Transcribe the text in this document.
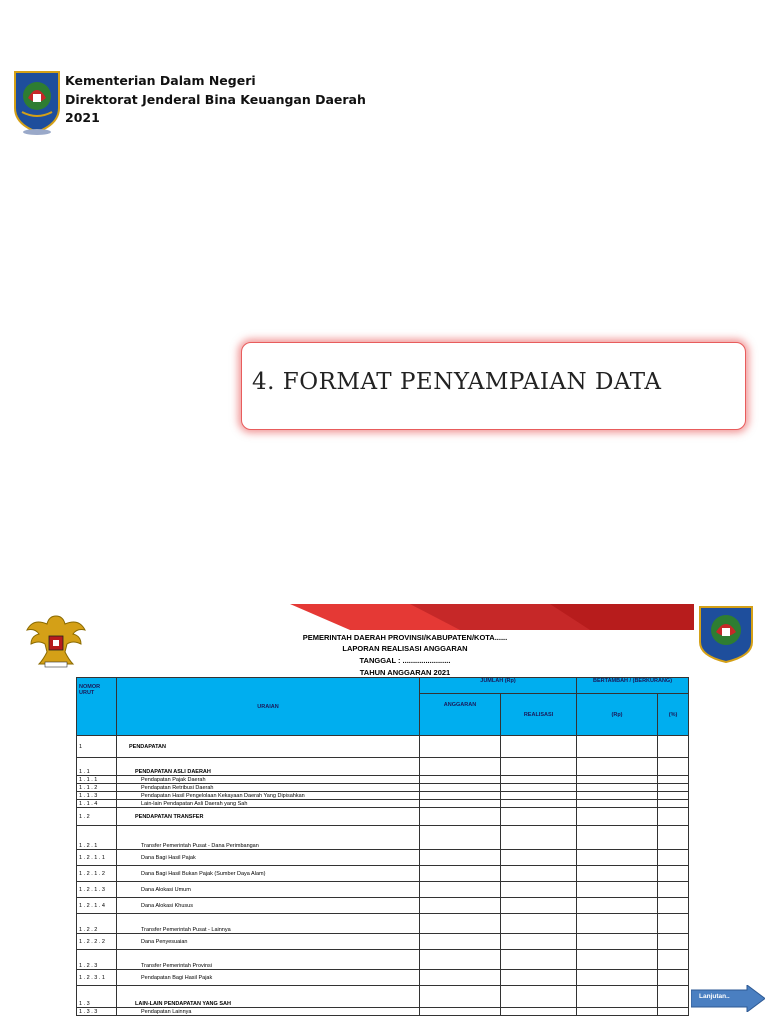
Kementerian Dalam Negeri
Direktorat Jenderal Bina Keuangan Daerah
2021
4. FORMAT PENYAMPAIAN DATA
PEMERINTAH DAERAH PROVINSI/KABUPATEN/KOTA......
LAPORAN REALISASI ANGGARAN
TANGGAL : .......................
TAHUN ANGGARAN 2021
NOMOR URUT	URAIAN	JUMLAH (Rp)		BERTAMBAH / (BERKURANG)	
		ANGGARAN	REALISASI	(Rp)	(%)
1	PENDAPATAN				
1 . 1	PENDAPATAN ASLI DAERAH				
1 . 1 . 1	Pendapatan Pajak Daerah				
1 . 1 . 2	Pendapatan Retribusi Daerah				
1 . 1 . 3	Pendapatan Hasil Pengelolaan Kekayaan Daerah Yang Dipisahkan				
1 . 1 . 4	Lain-lain Pendapatan Asli Daerah yang Sah				
1 . 2	PENDAPATAN TRANSFER				
1 . 2 . 1	Transfer Pemerintah Pusat - Dana Perimbangan				
1 . 2 . 1 . 1	Dana Bagi Hasil Pajak				
1 . 2 . 1 . 2	Dana Bagi Hasil Bukan Pajak (Sumber Daya Alam)				
1 . 2 . 1 . 3	Dana Alokasi Umum				
1 . 2 . 1 . 4	Dana Alokasi Khusus				
1 . 2 . 2	Transfer Pemerintah Pusat - Lainnya				
1 . 2 . 2 . 2	Dana Penyesuaian				
1 . 2 . 3	Transfer Pemerintah Provinsi				
1 . 2 . 3 . 1	Pendapatan Bagi Hasil Pajak				
1 . 3	LAIN-LAIN PENDAPATAN YANG SAH				
1 . 3 . 3	Pendapatan Lainnya				
Lanjutan..
